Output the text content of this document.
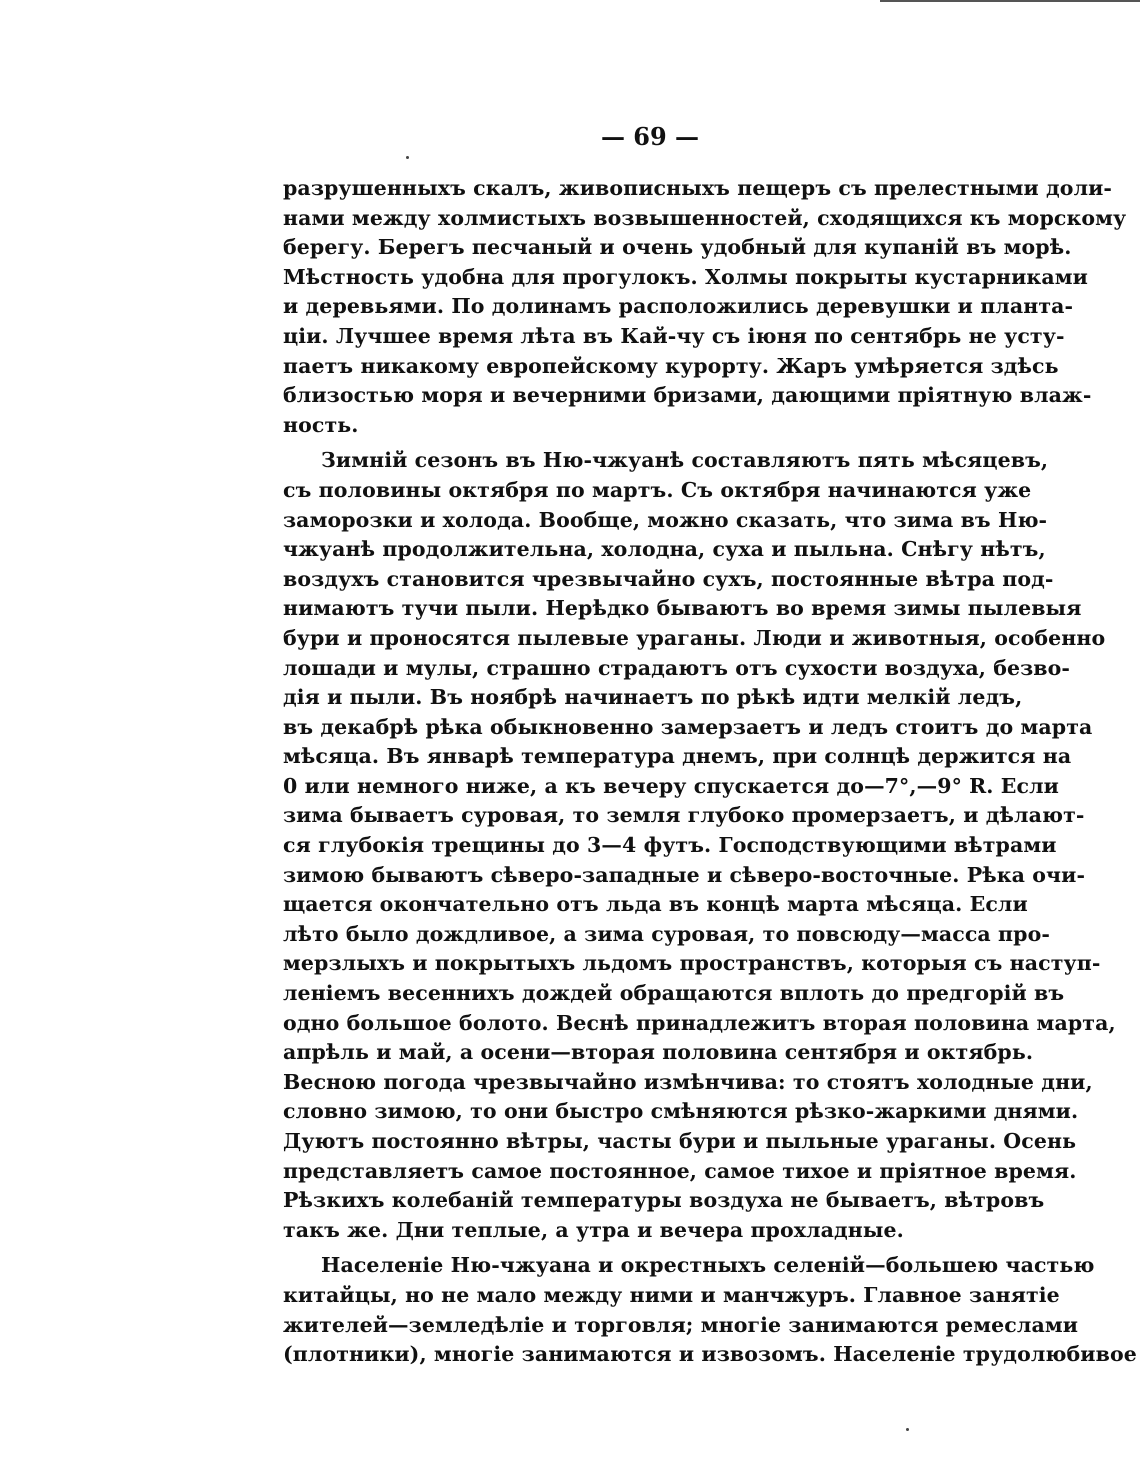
— 69 —
разрушенныхъ скалъ, живописныхъ пещеръ съ прелестными доли-
нами между холмистыхъ возвышенностей, сходящихся къ морскому
берегу. Берегъ песчаный и очень удобный для купаній въ морѣ.
Мѣстность удобна для прогулокъ. Холмы покрыты кустарниками
и деревьями. По долинамъ расположились деревушки и планта-
ціи. Лучшее время лѣта въ Кай-чу съ іюня по сентябрь не усту-
паетъ никакому европейскому курорту. Жаръ умѣряется здѣсь
близостью моря и вечерними бризами, дающими пріятную влаж-
ность.
Зимній сезонъ въ Ню-чжуанѣ составляютъ пять мѣсяцевъ,
съ половины октября по мартъ. Съ октября начинаются уже
заморозки и холода. Вообще, можно сказать, что зима въ Ню-
чжуанѣ продолжительна, холодна, суха и пыльна. Снѣгу нѣтъ,
воздухъ становится чрезвычайно сухъ, постоянные вѣтра под-
нимаютъ тучи пыли. Нерѣдко бываютъ во время зимы пылевыя
бури и проносятся пылевые ураганы. Люди и животныя, особенно
лошади и мулы, страшно страдаютъ отъ сухости воздуха, безво-
дія и пыли. Въ ноябрѣ начинаетъ по рѣкѣ идти мелкій ледъ,
въ декабрѣ рѣка обыкновенно замерзаетъ и ледъ стоитъ до марта
мѣсяца. Въ январѣ температура днемъ, при солнцѣ держится на
0 или немного ниже, а къ вечеру спускается до—7°,—9° R. Если
зима бываетъ суровая, то земля глубоко промерзаетъ, и дѣлают-
ся глубокія трещины до 3—4 футъ. Господствующими вѣтрами
зимою бываютъ сѣверо-западные и сѣверо-восточные. Рѣка очи-
щается окончательно отъ льда въ концѣ марта мѣсяца. Если
лѣто было дождливое, а зима суровая, то повсюду—масса про-
мерзлыхъ и покрытыхъ льдомъ пространствъ, которыя съ наступ-
леніемъ весеннихъ дождей обращаются вплоть до предгорій въ
одно большое болото. Веснѣ принадлежитъ вторая половина марта,
апрѣль и май, а осени—вторая половина сентября и октябрь.
Весною погода чрезвычайно измѣнчива: то стоятъ холодные дни,
словно зимою, то они быстро смѣняются рѣзко-жаркими днями.
Дуютъ постоянно вѣтры, часты бури и пыльные ураганы. Осень
представляетъ самое постоянное, самое тихое и пріятное время.
Рѣзкихъ колебаній температуры воздуха не бываетъ, вѣтровъ
такъ же. Дни теплые, а утра и вечера прохладные.
Населеніе Ню-чжуана и окрестныхъ селеній—большею частью
китайцы, но не мало между ними и манчжуръ. Главное занятіе
жителей—земледѣліе и торговля; многіе занимаются ремеслами
(плотники), многіе занимаются и извозомъ. Населеніе трудолюбивое
